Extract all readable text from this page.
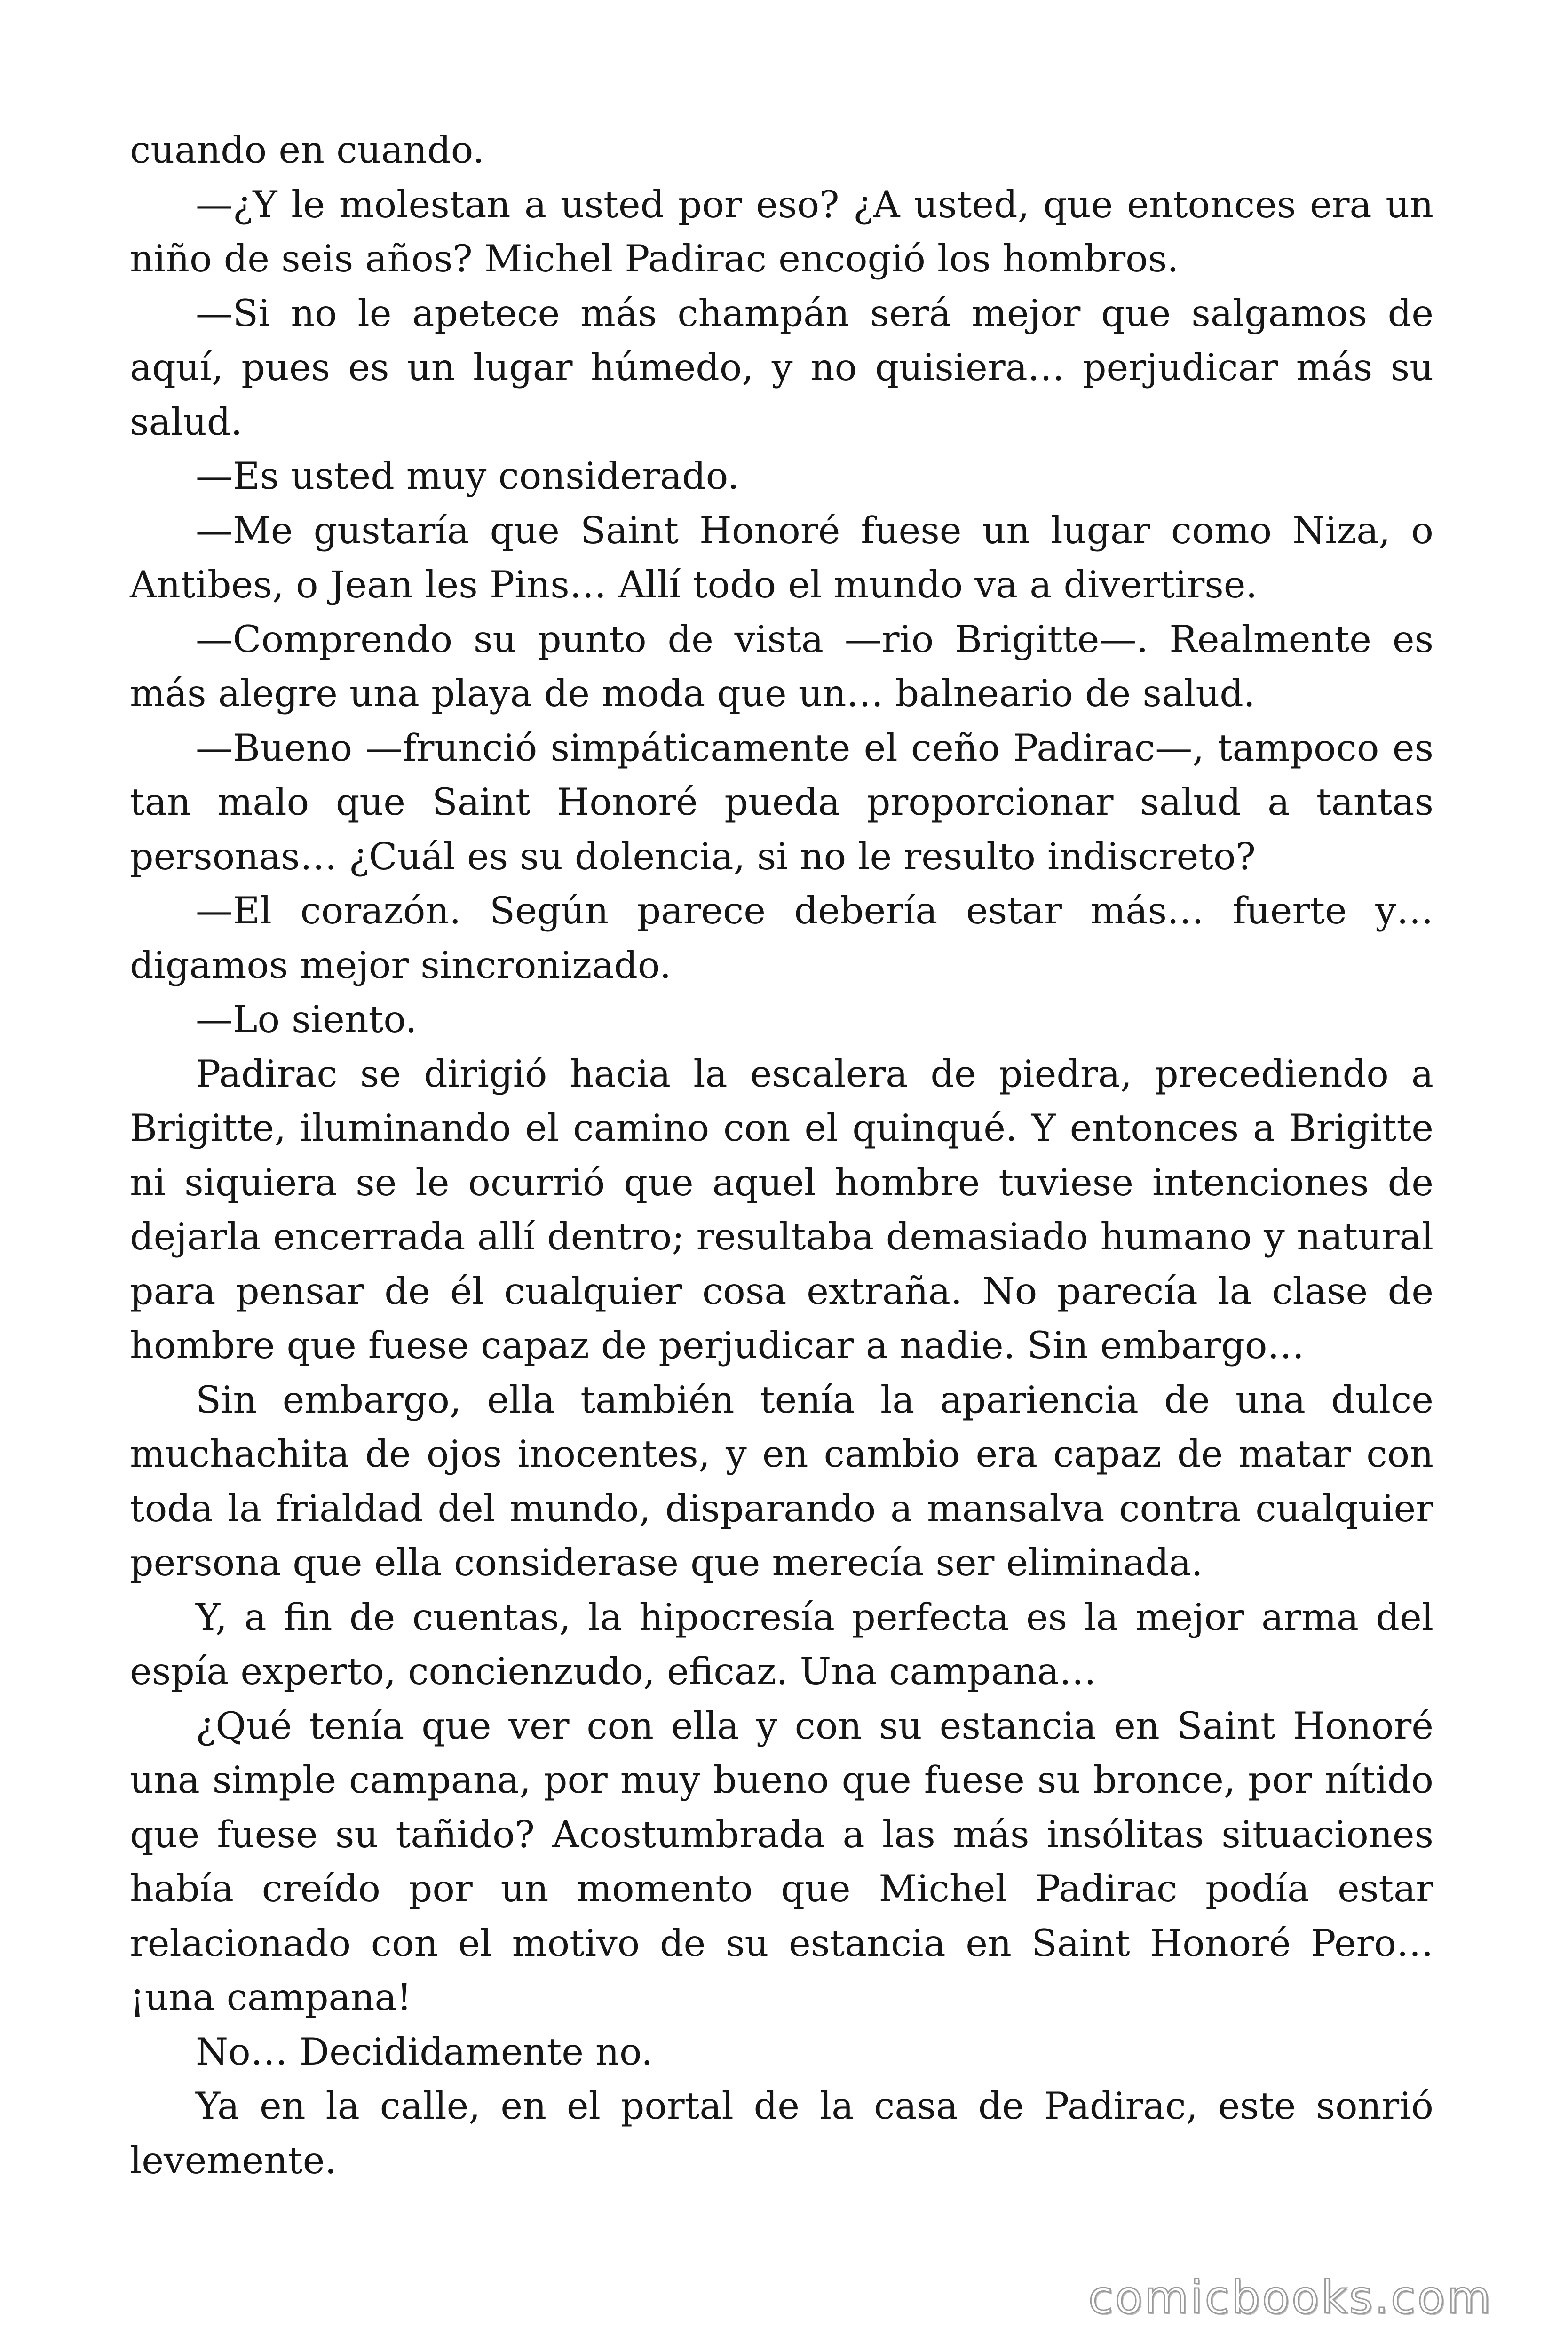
cuando en cuando.

—¿Y le molestan a usted por eso? ¿A usted, que entonces era un niño de seis años? Michel Padirac encogió los hombros.

—Si no le apetece más champán será mejor que salgamos de aquí, pues es un lugar húmedo, y no quisiera… perjudicar más su salud.

—Es usted muy considerado.

—Me gustaría que Saint Honoré fuese un lugar como Niza, o Antibes, o Jean les Pins… Allí todo el mundo va a divertirse.

—Comprendo su punto de vista —rio Brigitte—. Realmente es más alegre una playa de moda que un… balneario de salud.

—Bueno —frunció simpáticamente el ceño Padirac—, tampoco es tan malo que Saint Honoré pueda proporcionar salud a tantas personas… ¿Cuál es su dolencia, si no le resulto indiscreto?

—El corazón. Según parece debería estar más… fuerte y… digamos mejor sincronizado.

—Lo siento.

Padirac se dirigió hacia la escalera de piedra, precediendo a Brigitte, iluminando el camino con el quinqué. Y entonces a Brigitte ni siquiera se le ocurrió que aquel hombre tuviese intenciones de dejarla encerrada allí dentro; resultaba demasiado humano y natural para pensar de él cualquier cosa extraña. No parecía la clase de hombre que fuese capaz de perjudicar a nadie. Sin embargo…

Sin embargo, ella también tenía la apariencia de una dulce muchachita de ojos inocentes, y en cambio era capaz de matar con toda la frialdad del mundo, disparando a mansalva contra cualquier persona que ella considerase que merecía ser eliminada.

Y, a fin de cuentas, la hipocresía perfecta es la mejor arma del espía experto, concienzudo, eficaz. Una campana…

¿Qué tenía que ver con ella y con su estancia en Saint Honoré una simple campana, por muy bueno que fuese su bronce, por nítido que fuese su tañido? Acostumbrada a las más insólitas situaciones había creído por un momento que Michel Padirac podía estar relacionado con el motivo de su estancia en Saint Honoré Pero… ¡una campana!

No… Decididamente no.

Ya en la calle, en el portal de la casa de Padirac, este sonrió levemente.

comicbooks.com
